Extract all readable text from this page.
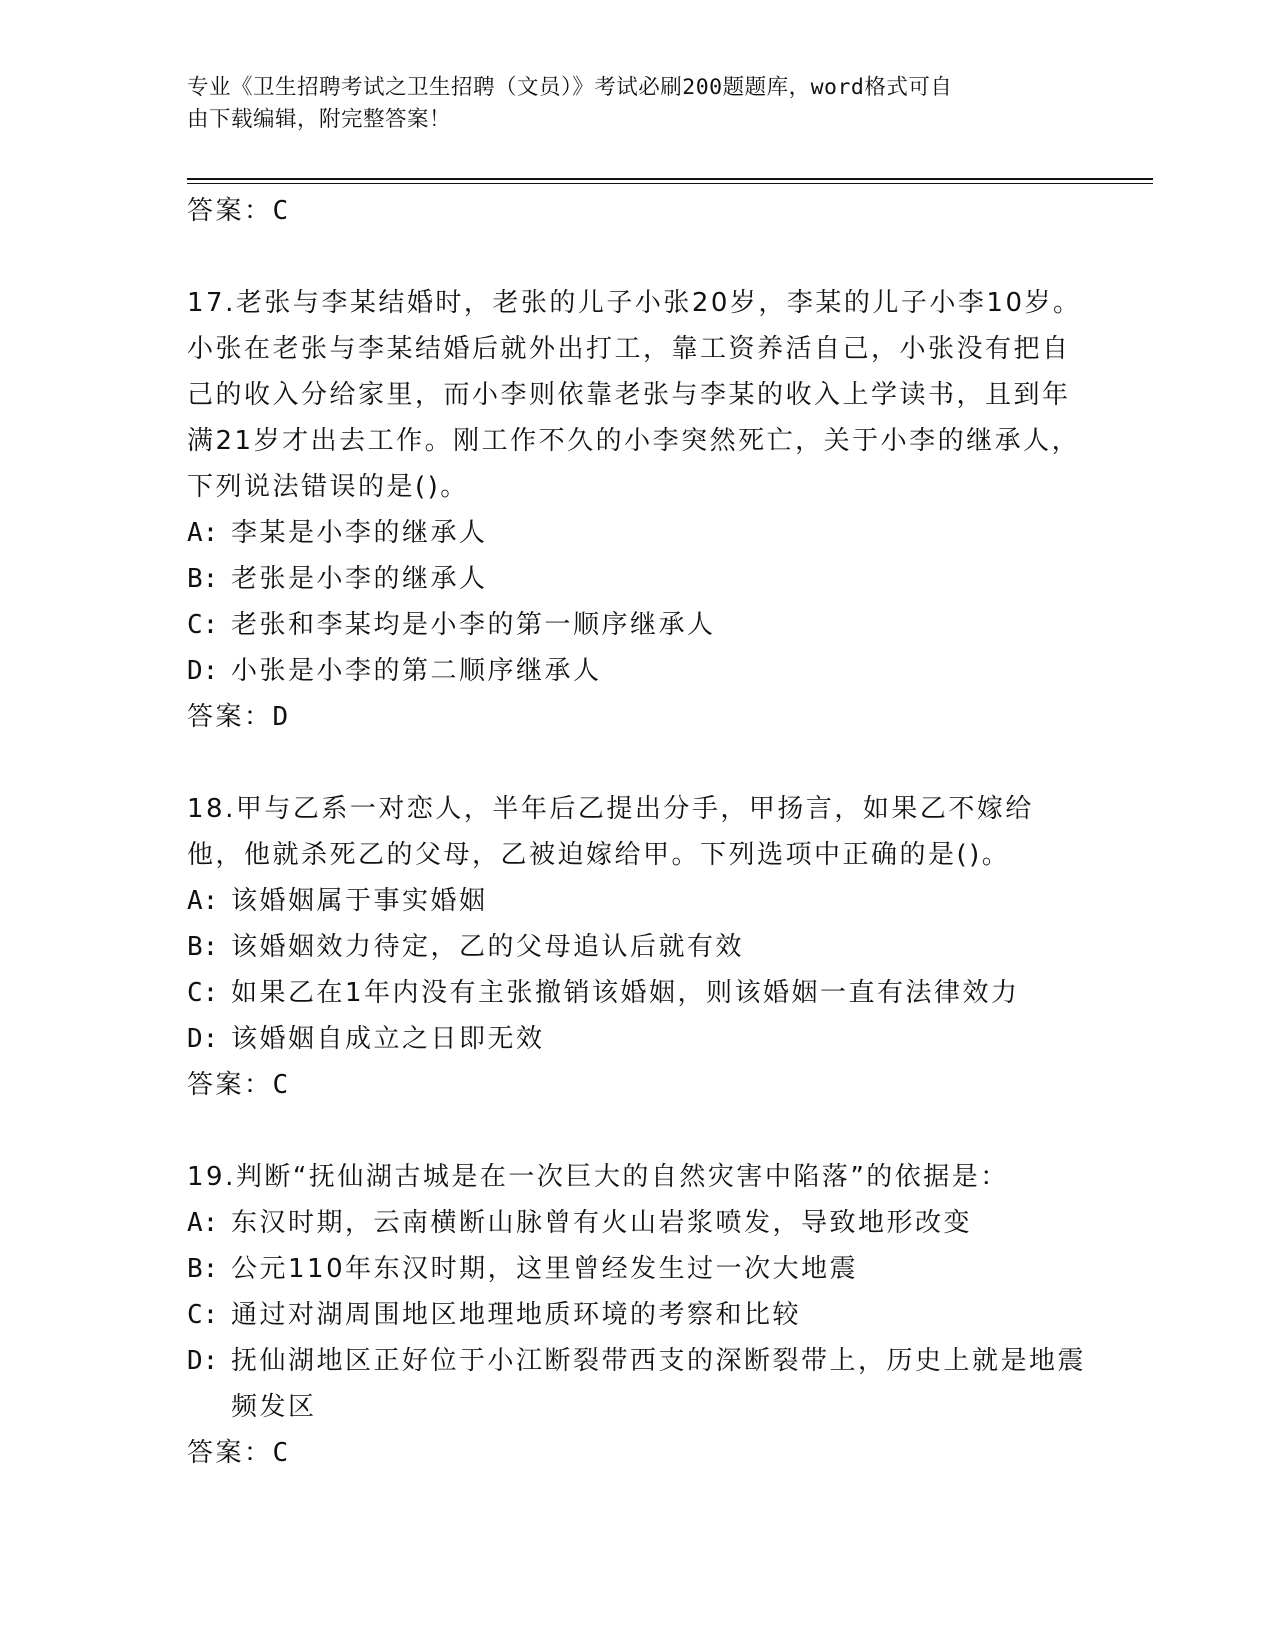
专业《卫生招聘考试之卫生招聘（文员）》考试必刷200题题库，word格式可自
由下载编辑，附完整答案！

答案：C

17.老张与李某结婚时，老张的儿子小张20岁，李某的儿子小李10岁。小张在老张与李某结婚后就外出打工，靠工资养活自己，小张没有把自己的收入分给家里，而小李则依靠老张与李某的收入上学读书，且到年满21岁才出去工作。刚工作不久的小李突然死亡，关于小李的继承人，下列说法错误的是()。

A: 李某是小李的继承人

B: 老张是小李的继承人

C: 老张和李某均是小李的第一顺序继承人

D: 小张是小李的第二顺序继承人

答案：D

18.甲与乙系一对恋人，半年后乙提出分手，甲扬言，如果乙不嫁给他，他就杀死乙的父母，乙被迫嫁给甲。下列选项中正确的是()。

A: 该婚姻属于事实婚姻

B: 该婚姻效力待定，乙的父母追认后就有效

C: 如果乙在1年内没有主张撤销该婚姻，则该婚姻一直有法律效力

D: 该婚姻自成立之日即无效

答案：C

19.判断“抚仙湖古城是在一次巨大的自然灾害中陷落”的依据是：

A: 东汉时期，云南横断山脉曾有火山岩浆喷发，导致地形改变

B: 公元110年东汉时期，这里曾经发生过一次大地震

C: 通过对湖周围地区地理地质环境的考察和比较

D: 抚仙湖地区正好位于小江断裂带西支的深断裂带上，历史上就是地震频发区

答案：C
